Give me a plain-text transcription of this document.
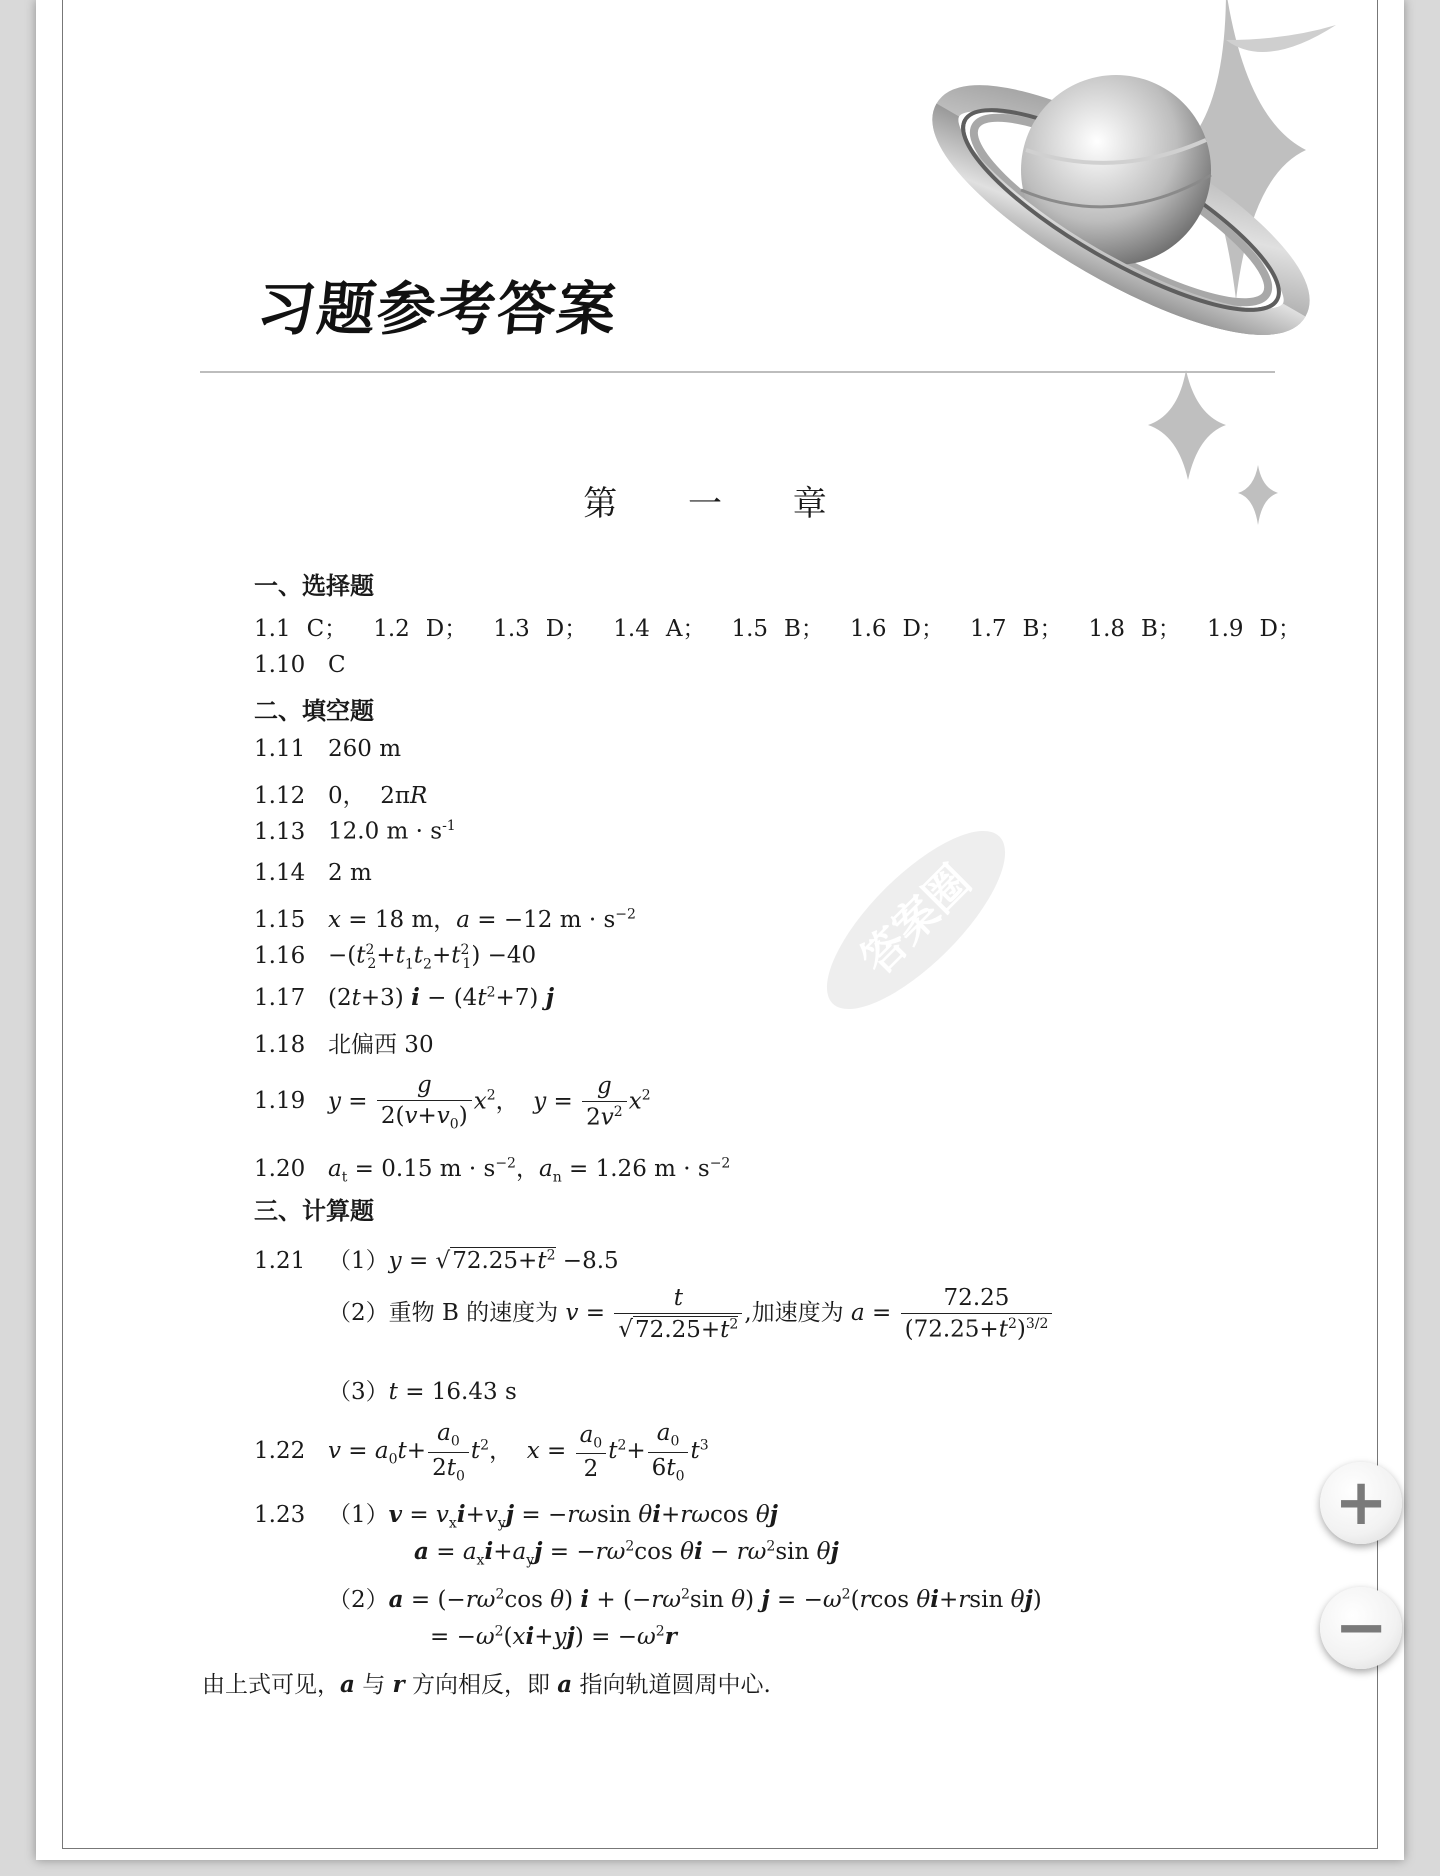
习题参考答案
第 一 章
一、选择题
1.1 C； 1.2 D； 1.3 D； 1.4 A； 1.5 B； 1.6 D； 1.7 B； 1.8 B； 1.9 D；
1.10 C
二、填空题
1.11 260 m
1.12 0， 2πR
1.13 12.0 $m \cdot s^{-1}$
1.14 2 m
1.15 x = 18 m，a = −12 $m \cdot s^{-2}$
$1.16 -(t^2_2+t_1t_2+t^2_1) -40$
1.17 (2t+3) $i - (4t^2+7)$ j
1.18 北偏西 30
1.19 $y = \frac{g}{2(v+v_0)} x^2$，  $y = \frac{g}{2v^2} x^2$
1.20 $a_t = 0.15$ $m \cdot s^{-2}$，$a_n = 1.26$ $m \cdot s^{-2}$
三、计算题
1.21 $(1)y = √72.25+t^2 -8.5$
（2）重物 B 的速度为 $v = \frac{t}{√72.25+t^2}$ ,加速度为 $a = \frac{72.25}{(72.25+t^2)^{3/2}}$
（3）t = 16.43 s
1.22 $v = a_0t+ \frac{a_0}{2t_0} t^2$，  $x = \frac{a_0}{2} t^2+ \frac{a_0}{6t_0} t^3$
1.23 $(1)v = v_xi+v_yj = -r\omega\sin$ θi+rωcos θj
$a = a_xi+a_yj = -r\omega^2\cos$ $\theta i - r\omega^2\sin$ θj
$(2)a = (-r\omega^2\cos$ θ) $i + (-r\omega^2\sin$ θ) $j = -\omega^2(rcos$ θi+rsin θj)
= $-\omega^2(xi+yj) = -\omega^2r$
由上式可见，a 与 r 方向相反，即 a 指向轨道圆周中心.
答案圈
+
−
